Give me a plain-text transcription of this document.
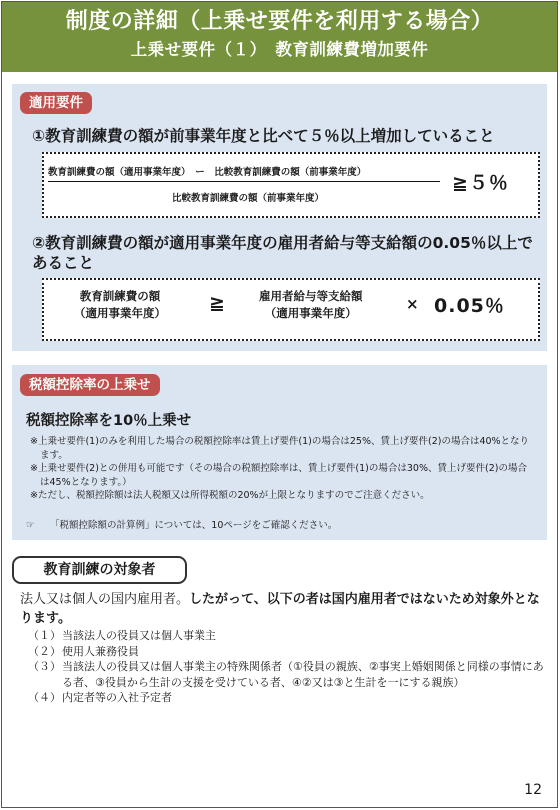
制度の詳細（上乗せ要件を利用する場合）
上乗せ要件（１）　教育訓練費増加要件
適用要件
①教育訓練費の額が前事業年度と比べて５％以上増加していること
教育訓練費の額（適用事業年度）　ー　比較教育訓練費の額（前事業年度）
比較教育訓練費の額（前事業年度）
≧５％
②教育訓練費の額が適用事業年度の雇用者給与等支給額の0.05％以上であること
教育訓練費の額
（適用事業年度） ≧	雇用者給与等支給額
（適用事業年度）	× 0.05％
税額控除率の上乗せ
税額控除率を10％上乗せ
※上乗せ要件(1)のみを利用した場合の税額控除率は賃上げ要件(1)の場合は25%、賃上げ要件(2)の場合は40%となります。
※上乗せ要件(2)との併用も可能です（その場合の税額控除率は、賃上げ要件(1)の場合は30%、賃上げ要件(2)の場合は45%となります。）
※ただし、税額控除額は法人税額又は所得税額の20%が上限となりますのでご注意ください。
☞ 「税額控除額の計算例」については、10ページをご確認ください。
教育訓練の対象者
法人又は個人の国内雇用者。したがって、以下の者は国内雇用者ではないため対象外となります。
（１） 当該法人の役員又は個人事業主
（２） 使用人兼務役員
（３） 当該法人の役員又は個人事業主の特殊関係者（①役員の親族、②事実上婚姻関係と同様の事情にある者、③役員から生計の支援を受けている者、④②又は③と生計を一にする親族）
（４） 内定者等の入社予定者
12
